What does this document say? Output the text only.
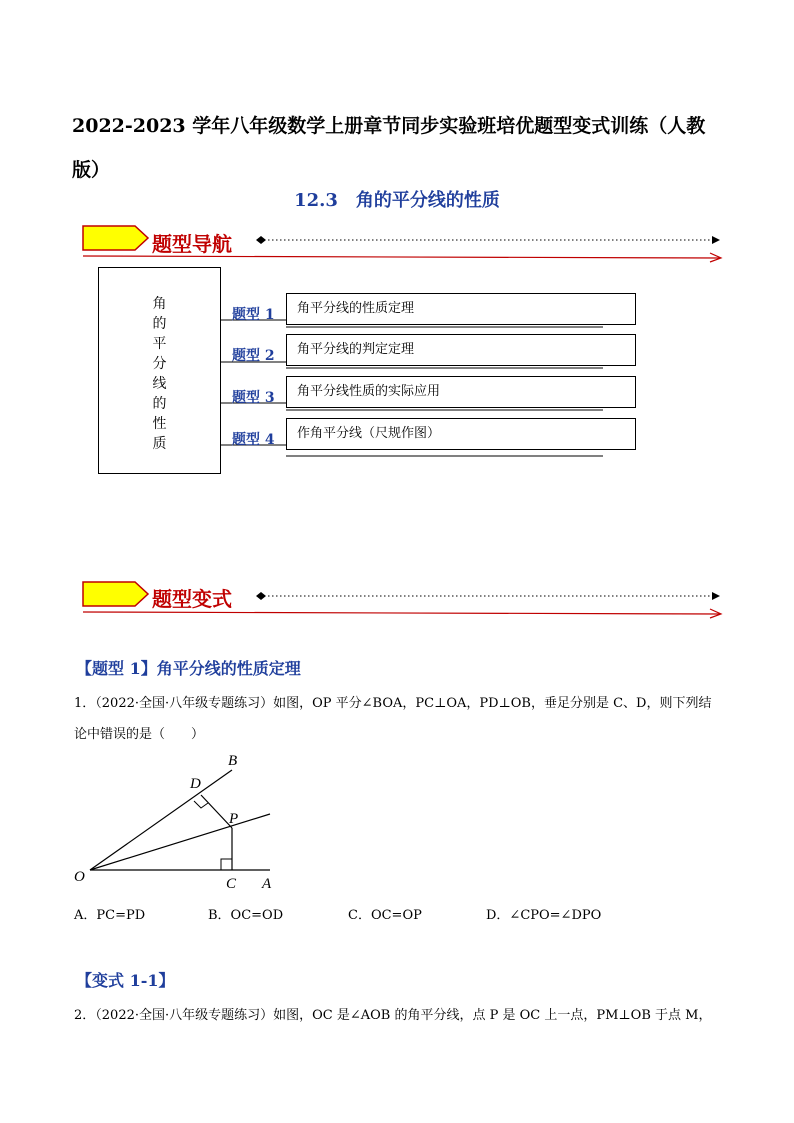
2022-2023 学年八年级数学上册章节同步实验班培优题型变式训练（人教版）
12.3　角的平分线的性质
题型导航
角
的
平
分
线
的
性
质
题型 1
题型 2
题型 3
题型 4
角平分线的性质定理
角平分线的判定定理
角平分线性质的实际应用
作角平分线（尺规作图）
题型变式
【题型 1】角平分线的性质定理
1．（2022·全国·八年级专题练习）如图，OP 平分∠BOA，PC⊥OA，PD⊥OB，垂足分别是 C、D，则下列结
论中错误的是（　　）
O	A
B
C
D
P
A．PC=PD	B．OC=OD	C．OC=OP	D．∠CPO=∠DPO
【变式 1-1】
2．（2022·全国·八年级专题练习）如图，OC 是∠AOB 的角平分线，点 P 是 OC 上一点，PM⊥OB 于点 M，
